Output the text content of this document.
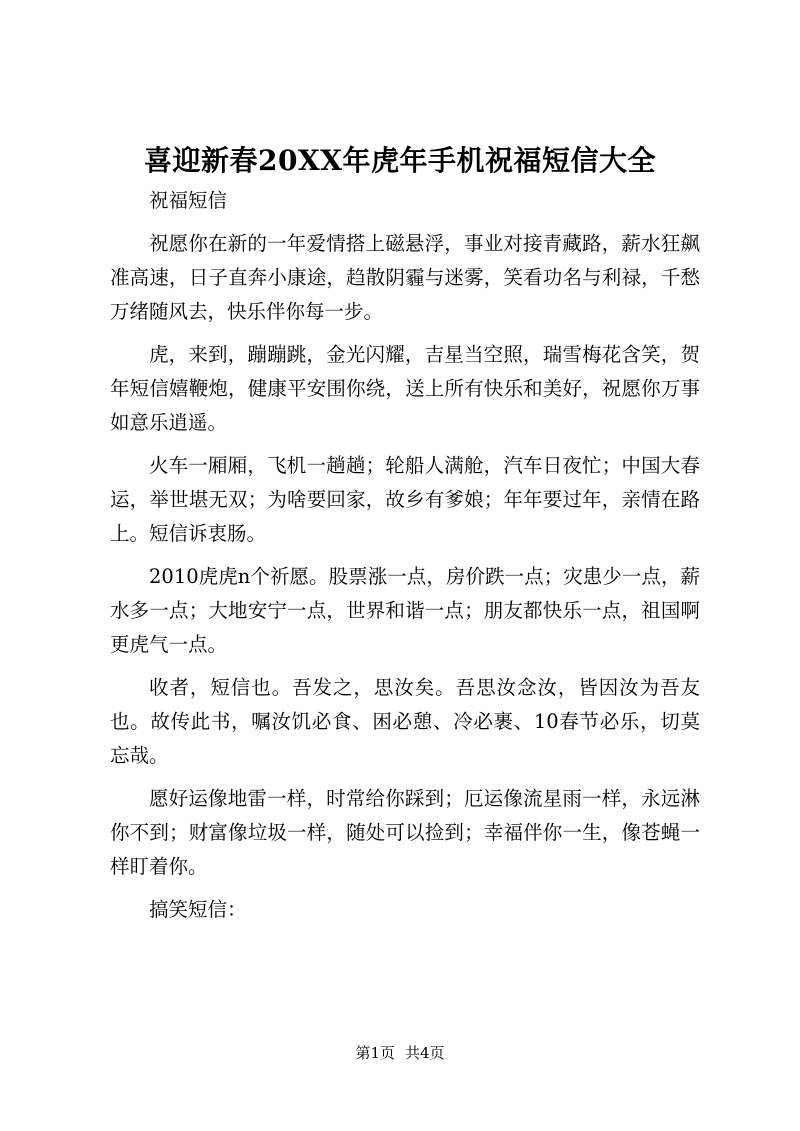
喜迎新春20XX年虎年手机祝福短信大全

祝福短信

祝愿你在新的一年爱情搭上磁悬浮，事业对接青藏路，薪水狂飙准高速，日子直奔小康途，趋散阴霾与迷雾，笑看功名与利禄，千愁万绪随风去，快乐伴你每一步。

虎，来到，蹦蹦跳，金光闪耀，吉星当空照，瑞雪梅花含笑，贺年短信嬉鞭炮，健康平安围你绕，送上所有快乐和美好，祝愿你万事如意乐逍遥。

火车一厢厢，飞机一趟趟；轮船人满舱，汽车日夜忙；中国大春运，举世堪无双；为啥要回家，故乡有爹娘；年年要过年，亲情在路上。短信诉衷肠。

2010虎虎n个祈愿。股票涨一点，房价跌一点；灾患少一点，薪水多一点；大地安宁一点，世界和谐一点；朋友都快乐一点，祖国啊更虎气一点。

收者，短信也。吾发之，思汝矣。吾思汝念汝，皆因汝为吾友也。故传此书，嘱汝饥必食、困必憩、冷必裹、10春节必乐，切莫忘哉。

愿好运像地雷一样，时常给你踩到；厄运像流星雨一样，永远淋你不到；财富像垃圾一样，随处可以捡到；幸福伴你一生，像苍蝇一样盯着你。

搞笑短信：

第1页 共4页
